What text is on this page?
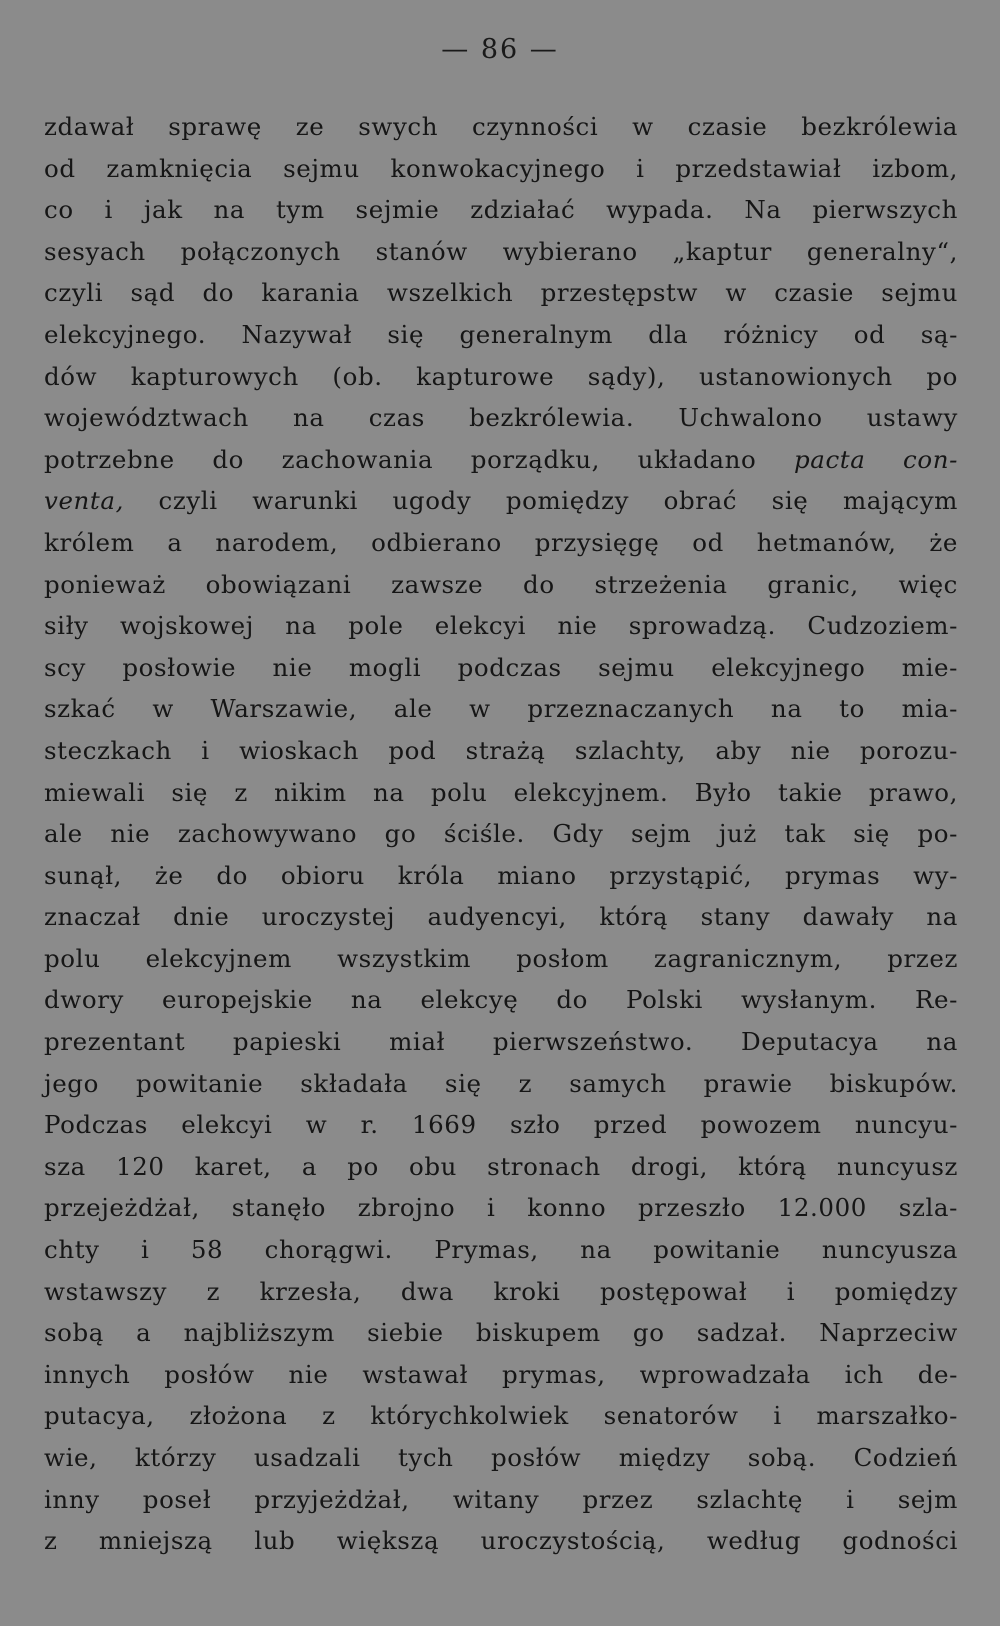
— 86 —
zdawał sprawę ze swych czynności w czasie bezkrólewia
od zamknięcia sejmu konwokacyjnego i przedstawiał izbom,
co i jak na tym sejmie zdziałać wypada. Na pierwszych
sesyach połączonych stanów wybierano „kaptur generalny“,
czyli sąd do karania wszelkich przestępstw w czasie sejmu
elekcyjnego. Nazywał się generalnym dla różnicy od są-
dów kapturowych (ob. kapturowe sądy), ustanowionych po
województwach na czas bezkrólewia. Uchwalono ustawy
potrzebne do zachowania porządku, układano pacta con-
venta, czyli warunki ugody pomiędzy obrać się mającym
królem a narodem, odbierano przysięgę od hetmanów, że
ponieważ obowiązani zawsze do strzeżenia granic, więc
siły wojskowej na pole elekcyi nie sprowadzą. Cudzoziem-
scy posłowie nie mogli podczas sejmu elekcyjnego mie-
szkać w Warszawie, ale w przeznaczanych na to mia-
steczkach i wioskach pod strażą szlachty, aby nie porozu-
miewali się z nikim na polu elekcyjnem. Było takie prawo,
ale nie zachowywano go ściśle. Gdy sejm już tak się po-
sunął, że do obioru króla miano przystąpić, prymas wy-
znaczał dnie uroczystej audyencyi, którą stany dawały na
polu elekcyjnem wszystkim posłom zagranicznym, przez
dwory europejskie na elekcyę do Polski wysłanym. Re-
prezentant papieski miał pierwszeństwo. Deputacya na
jego powitanie składała się z samych prawie biskupów.
Podczas elekcyi w r. 1669 szło przed powozem nuncyu-
sza 120 karet, a po obu stronach drogi, którą nuncyusz
przejeżdżał, stanęło zbrojno i konno przeszło 12.000 szla-
chty i 58 chorągwi. Prymas, na powitanie nuncyusza
wstawszy z krzesła, dwa kroki postępował i pomiędzy
sobą a najbliższym siebie biskupem go sadzał. Naprzeciw
innych posłów nie wstawał prymas, wprowadzała ich de-
putacya, złożona z którychkolwiek senatorów i marszałko-
wie, którzy usadzali tych posłów między sobą. Codzień
inny poseł przyjeżdżał, witany przez szlachtę i sejm
z mniejszą lub większą uroczystością, według godności
